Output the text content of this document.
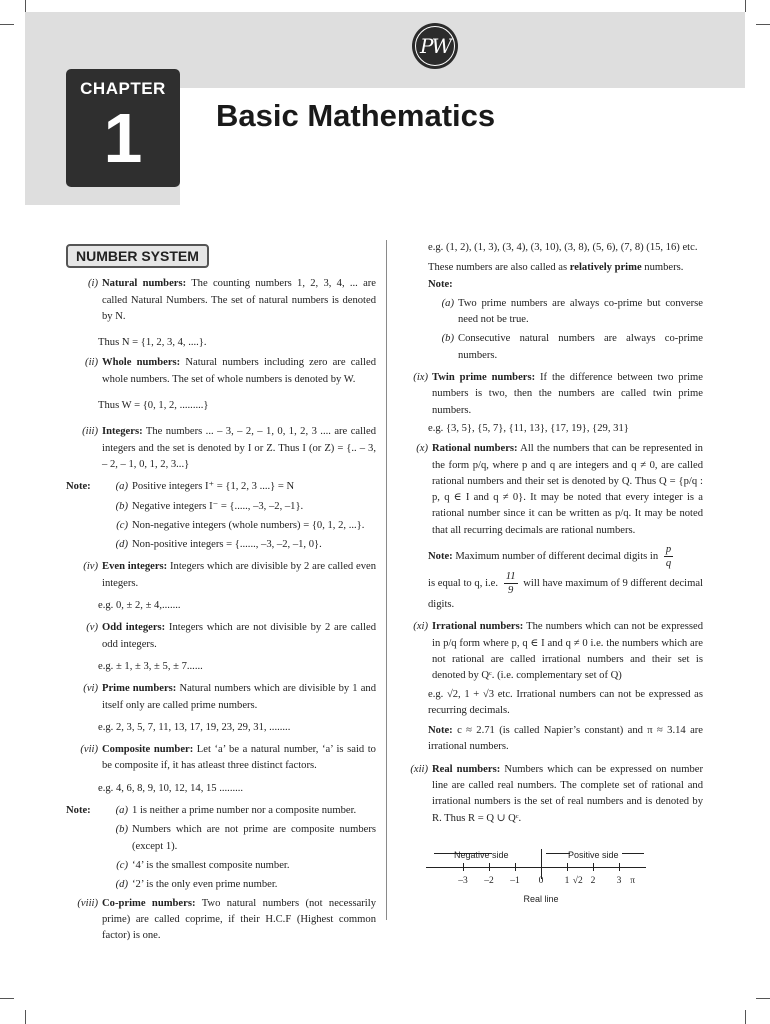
PW
CHAPTER
1	Basic Mathematics
NUMBER SYSTEM
(i) Natural numbers: The counting numbers 1, 2, 3, 4, ... are called Natural Numbers. The set of natural numbers is denoted by N.
Thus N = {1, 2, 3, 4, ....}.
(ii) Whole numbers: Natural numbers including zero are called whole numbers. The set of whole numbers is denoted by W.
Thus W = {0, 1, 2, .........}
(iii) Integers: The numbers ... – 3, – 2, – 1, 0, 1, 2, 3 .... are called integers and the set is denoted by I or Z. Thus I (or Z) = {.. – 3, – 2, – 1, 0, 1, 2, 3...}
Note:	(a) Positive integers I⁺ = {1, 2, 3 ....} = N
(b) Negative integers I⁻ = {....., –3, –2, –1}.
(c) Non-negative integers (whole numbers) = {0, 1, 2, ...}.
(d) Non-positive integers = {......, –3, –2, –1, 0}.
(iv) Even integers: Integers which are divisible by 2 are called even integers.
e.g. 0, ± 2, ± 4,.......
(v) Odd integers: Integers which are not divisible by 2 are called odd integers.
e.g. ± 1, ± 3, ± 5, ± 7......
(vi) Prime numbers: Natural numbers which are divisible by 1 and itself only are called prime numbers.
e.g. 2, 3, 5, 7, 11, 13, 17, 19, 23, 29, 31, ........
(vii) Composite number: Let ‘a’ be a natural number, ‘a’ is said to be composite if, it has atleast three distinct factors.
e.g. 4, 6, 8, 9, 10, 12, 14, 15 .........
Note:	(a) 1 is neither a prime number nor a composite number.
(b) Numbers which are not prime are composite numbers (except 1).
(c) ‘4’ is the smallest composite number.
(d) ‘2’ is the only even prime number.
(viii) Co-prime numbers: Two natural numbers (not necessarily prime) are called coprime, if their H.C.F (Highest common factor) is one.
e.g. (1, 2), (1, 3), (3, 4), (3, 10), (3, 8), (5, 6), (7, 8) (15, 16) etc.
These numbers are also called as relatively prime numbers.
Note:
(a) Two prime numbers are always co-prime but converse need not be true.
(b) Consecutive natural numbers are always co-prime numbers.
(ix) Twin prime numbers: If the difference between two prime numbers is two, then the numbers are called twin prime numbers.
e.g. {3, 5}, {5, 7}, {11, 13}, {17, 19}, {29, 31}
(x) Rational numbers: All the numbers that can be represented in the form p/q, where p and q are integers and q ≠ 0, are called rational numbers and their set is denoted by Q. Thus Q = {p/q : p, q ∈ I and q ≠ 0}. It may be noted that every integer is a rational number since it can be written as p/q. It may be noted that all recurring decimals are rational numbers.
Note: Maximum number of different decimal digits in $\frac{p}{q}$

is equal to q, i.e. $\frac{11}{9}$ will have maximum of 9 different decimal digits.
(xi) Irrational numbers: The numbers which can not be expressed in p/q form where p, q ∈ I and q ≠ 0 i.e. the numbers which are not rational are called irrational numbers and their set is denoted by Qᶜ. (i.e. complementary set of Q)
e.g. √2, 1 + √3 etc. Irrational numbers can not be expressed as recurring decimals.
Note: c ≈ 2.71 (is called Napier’s constant) and π ≈ 3.14 are irrational numbers.
(xii) Real numbers: Numbers which can be expressed on number line are called real numbers. The complete set of rational and irrational numbers is the set of real numbers and is denoted by R. Thus R = Q ∪ Qᶜ.
Negative side	Positive side
–3 –2 –1 0 1 √2 2 3 π
Real line
